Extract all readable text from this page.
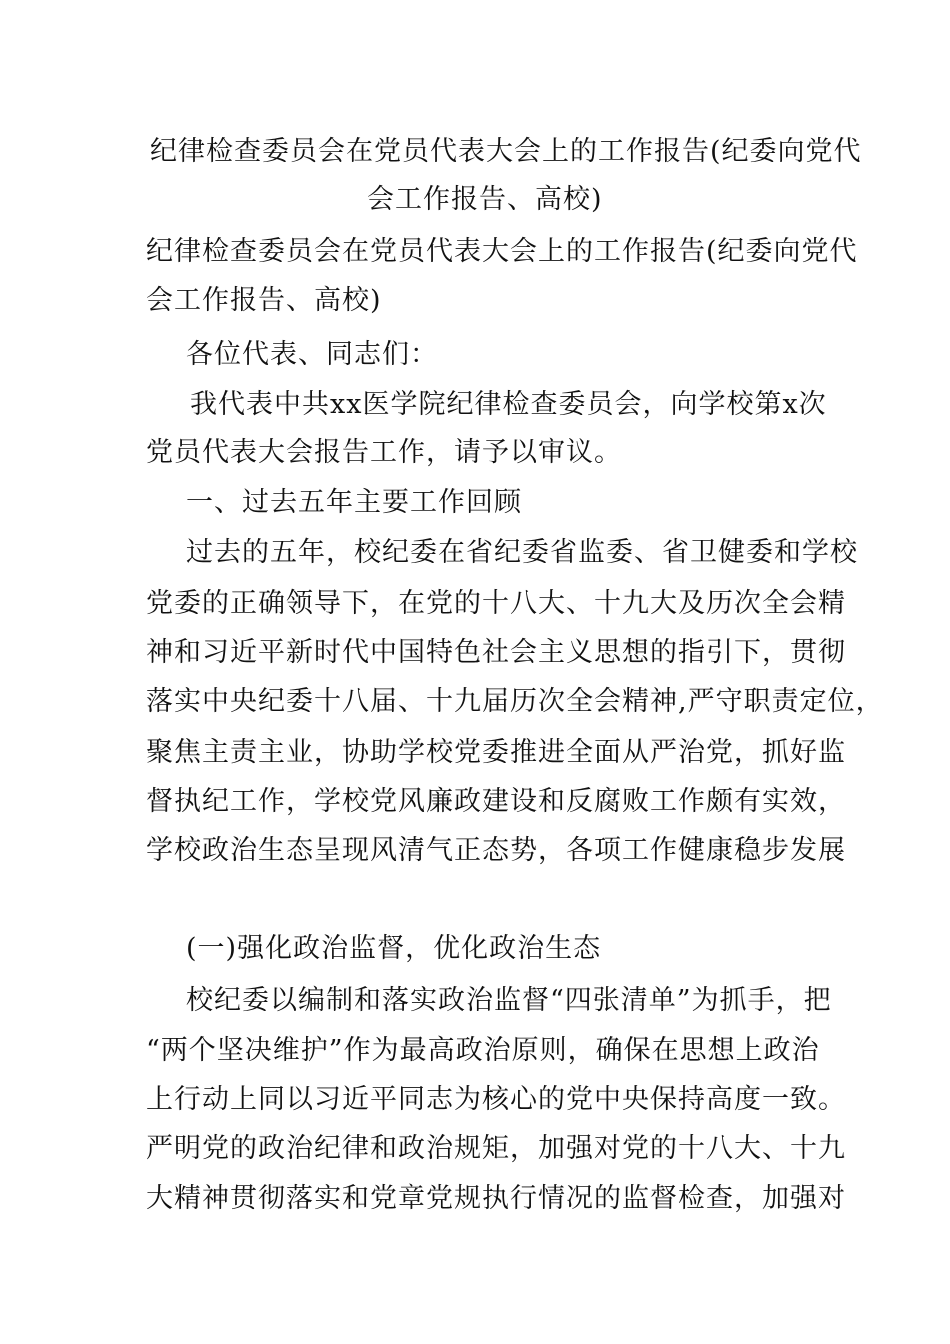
纪律检查委员会在党员代表大会上的工作报告(纪委向党代
会工作报告、高校)
纪律检查委员会在党员代表大会上的工作报告(纪委向党代
会工作报告、高校)
各位代表、同志们：
我代表中共xx医学院纪律检查委员会，向学校第x次
党员代表大会报告工作，请予以审议。
一、过去五年主要工作回顾
过去的五年，校纪委在省纪委省监委、省卫健委和学校
党委的正确领导下，在党的十八大、十九大及历次全会精
神和习近平新时代中国特色社会主义思想的指引下，贯彻
落实中央纪委十八届、十九届历次全会精神,严守职责定位，
聚焦主责主业，协助学校党委推进全面从严治党，抓好监
督执纪工作，学校党风廉政建设和反腐败工作颇有实效，
学校政治生态呈现风清气正态势，各项工作健康稳步发展
(一)强化政治监督，优化政治生态
校纪委以编制和落实政治监督“四张清单”为抓手，把
“两个坚决维护”作为最高政治原则，确保在思想上政治
上行动上同以习近平同志为核心的党中央保持高度一致。
严明党的政治纪律和政治规矩，加强对党的十八大、十九
大精神贯彻落实和党章党规执行情况的监督检查，加强对
